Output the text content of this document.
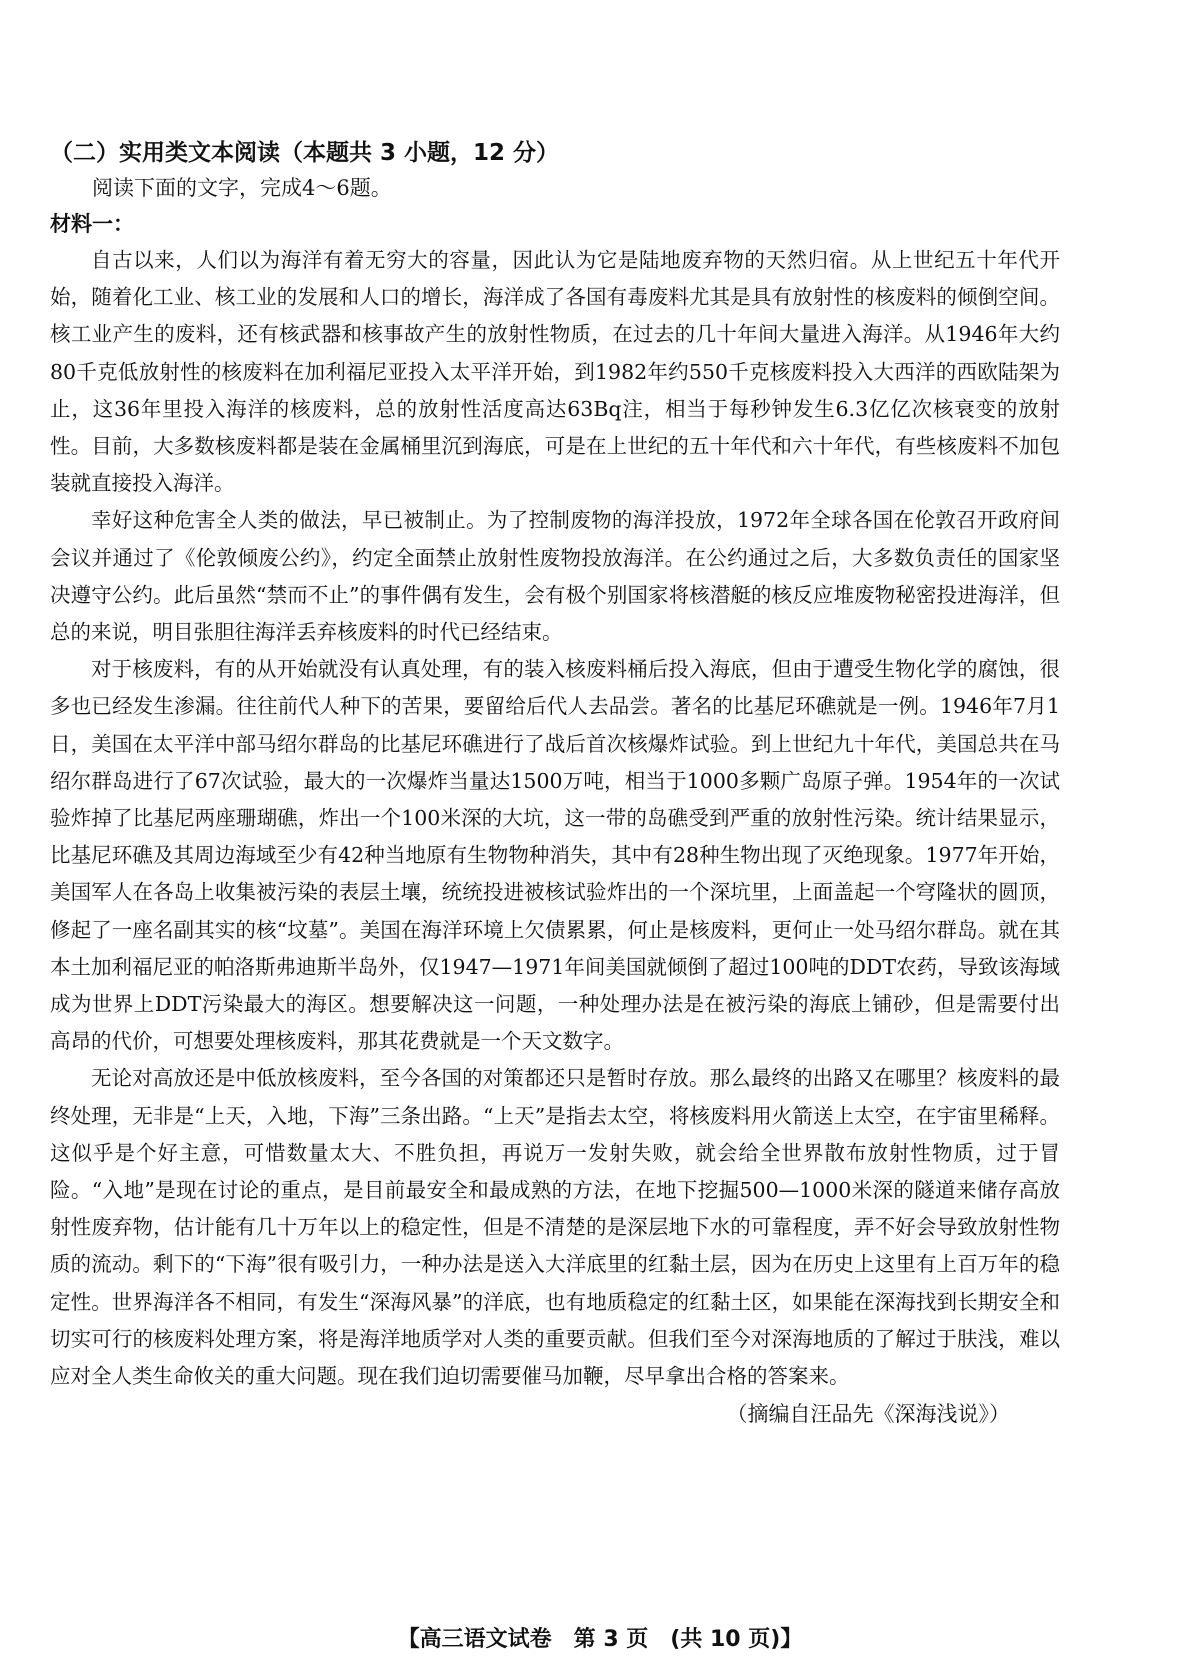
（二）实用类文本阅读（本题共 3 小题，12 分）

阅读下面的文字，完成4～6题。

材料一：

自古以来，人们以为海洋有着无穷大的容量，因此认为它是陆地废弃物的天然归宿。从上世纪五十年代开始，随着化工业、核工业的发展和人口的增长，海洋成了各国有毒废料尤其是具有放射性的核废料的倾倒空间。核工业产生的废料，还有核武器和核事故产生的放射性物质，在过去的几十年间大量进入海洋。从1946年大约80千克低放射性的核废料在加利福尼亚投入太平洋开始，到1982年约550千克核废料投入大西洋的西欧陆架为止，这36年里投入海洋的核废料，总的放射性活度高达63Bq注，相当于每秒钟发生6.3亿亿次核衰变的放射性。目前，大多数核废料都是装在金属桶里沉到海底，可是在上世纪的五十年代和六十年代，有些核废料不加包装就直接投入海洋。

幸好这种危害全人类的做法，早已被制止。为了控制废物的海洋投放，1972年全球各国在伦敦召开政府间会议并通过了《伦敦倾废公约》，约定全面禁止放射性废物投放海洋。在公约通过之后，大多数负责任的国家坚决遵守公约。此后虽然“禁而不止”的事件偶有发生，会有极个别国家将核潜艇的核反应堆废物秘密投进海洋，但总的来说，明目张胆往海洋丢弃核废料的时代已经结束。

对于核废料，有的从开始就没有认真处理，有的装入核废料桶后投入海底，但由于遭受生物化学的腐蚀，很多也已经发生渗漏。往往前代人种下的苦果，要留给后代人去品尝。著名的比基尼环礁就是一例。1946年7月1日，美国在太平洋中部马绍尔群岛的比基尼环礁进行了战后首次核爆炸试验。到上世纪九十年代，美国总共在马绍尔群岛进行了67次试验，最大的一次爆炸当量达1500万吨，相当于1000多颗广岛原子弹。1954年的一次试验炸掉了比基尼两座珊瑚礁，炸出一个100米深的大坑，这一带的岛礁受到严重的放射性污染。统计结果显示，比基尼环礁及其周边海域至少有42种当地原有生物物种消失，其中有28种生物出现了灭绝现象。1977年开始，美国军人在各岛上收集被污染的表层土壤，统统投进被核试验炸出的一个深坑里，上面盖起一个穹隆状的圆顶，修起了一座名副其实的核“坟墓”。美国在海洋环境上欠债累累，何止是核废料，更何止一处马绍尔群岛。就在其本土加利福尼亚的帕洛斯弗迪斯半岛外，仅1947—1971年间美国就倾倒了超过100吨的DDT农药，导致该海域成为世界上DDT污染最大的海区。想要解决这一问题，一种处理办法是在被污染的海底上铺砂，但是需要付出高昂的代价，可想要处理核废料，那其花费就是一个天文数字。

无论对高放还是中低放核废料，至今各国的对策都还只是暂时存放。那么最终的出路又在哪里？核废料的最终处理，无非是“上天，入地，下海”三条出路。“上天”是指去太空，将核废料用火箭送上太空，在宇宙里稀释。这似乎是个好主意，可惜数量太大、不胜负担，再说万一发射失败，就会给全世界散布放射性物质，过于冒险。“入地”是现在讨论的重点，是目前最安全和最成熟的方法，在地下挖掘500—1000米深的隧道来储存高放射性废弃物，估计能有几十万年以上的稳定性，但是不清楚的是深层地下水的可靠程度，弄不好会导致放射性物质的流动。剩下的“下海”很有吸引力，一种办法是送入大洋底里的红黏土层，因为在历史上这里有上百万年的稳定性。世界海洋各不相同，有发生“深海风暴”的洋底，也有地质稳定的红黏土区，如果能在深海找到长期安全和切实可行的核废料处理方案，将是海洋地质学对人类的重要贡献。但我们至今对深海地质的了解过于肤浅，难以应对全人类生命攸关的重大问题。现在我们迫切需要催马加鞭，尽早拿出合格的答案来。

（摘编自汪品先《深海浅说》）

【高三语文试卷　第 3 页　(共 10 页)】
